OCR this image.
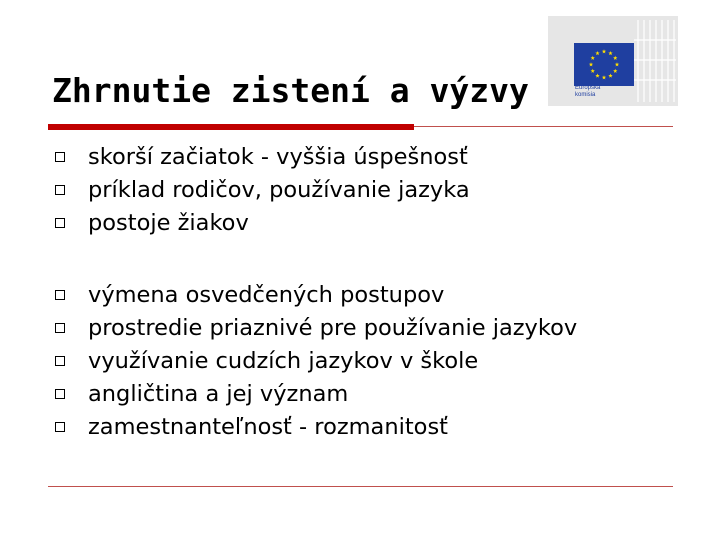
Zhrnutie zistení a výzvy	Európska
komisia
skorší začiatok - vyššia úspešnosť
príklad rodičov, používanie jazyka
postoje žiakov
výmena osvedčených postupov
prostredie priaznivé pre používanie jazykov
využívanie cudzích jazykov v škole
angličtina a jej význam
zamestnanteľnosť - rozmanitosť
